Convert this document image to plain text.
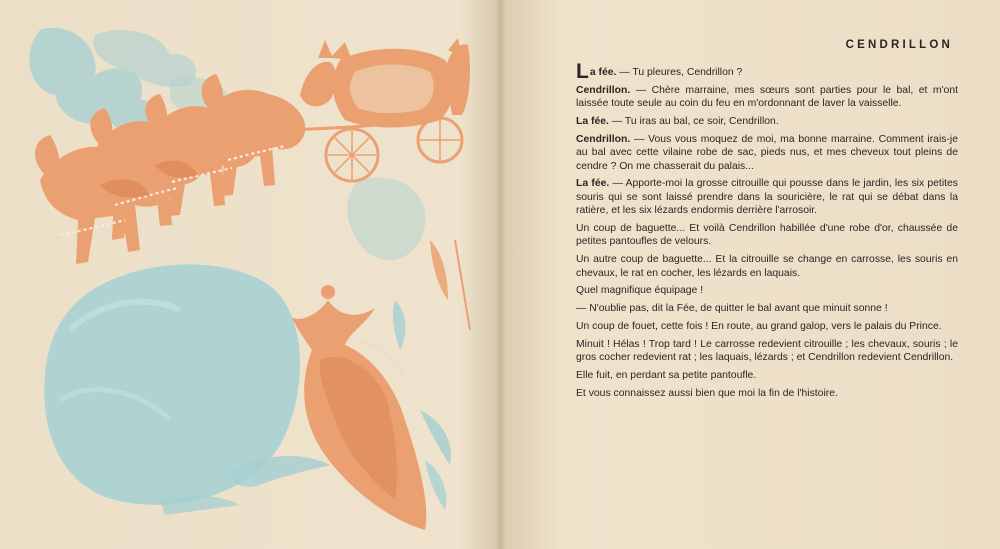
CENDRILLON

La fée. — Tu pleures, Cendrillon ?

Cendrillon. — Chère marraine, mes sœurs sont parties pour le bal, et m'ont laissée toute seule au coin du feu en m'ordonnant de laver la vaisselle.

La fée. — Tu iras au bal, ce soir, Cendrillon.

Cendrillon. — Vous vous moquez de moi, ma bonne marraine. Comment irais-je au bal avec cette vilaine robe de sac, pieds nus, et mes cheveux tout pleins de cendre ? On me chasserait du palais...

La fée. — Apporte-moi la grosse citrouille qui pousse dans le jardin, les six petites souris qui se sont laissé prendre dans la souricière, le rat qui se débat dans la ratière, et les six lézards endormis derrière l'arrosoir.

Un coup de baguette... Et voilà Cendrillon habillée d'une robe d'or, chaussée de petites pantoufles de velours.

Un autre coup de baguette... Et la citrouille se change en carrosse, les souris en chevaux, le rat en cocher, les lézards en laquais.

Quel magnifique équipage !

— N'oublie pas, dit la Fée, de quitter le bal avant que minuit sonne !

Un coup de fouet, cette fois ! En route, au grand galop, vers le palais du Prince.

Minuit ! Hélas ! Trop tard ! Le carrosse redevient citrouille ; les chevaux, souris ; le gros cocher redevient rat ; les laquais, lézards ; et Cendrillon redevient Cendrillon.

Elle fuit, en perdant sa petite pantoufle.

Et vous connaissez aussi bien que moi la fin de l'histoire.
